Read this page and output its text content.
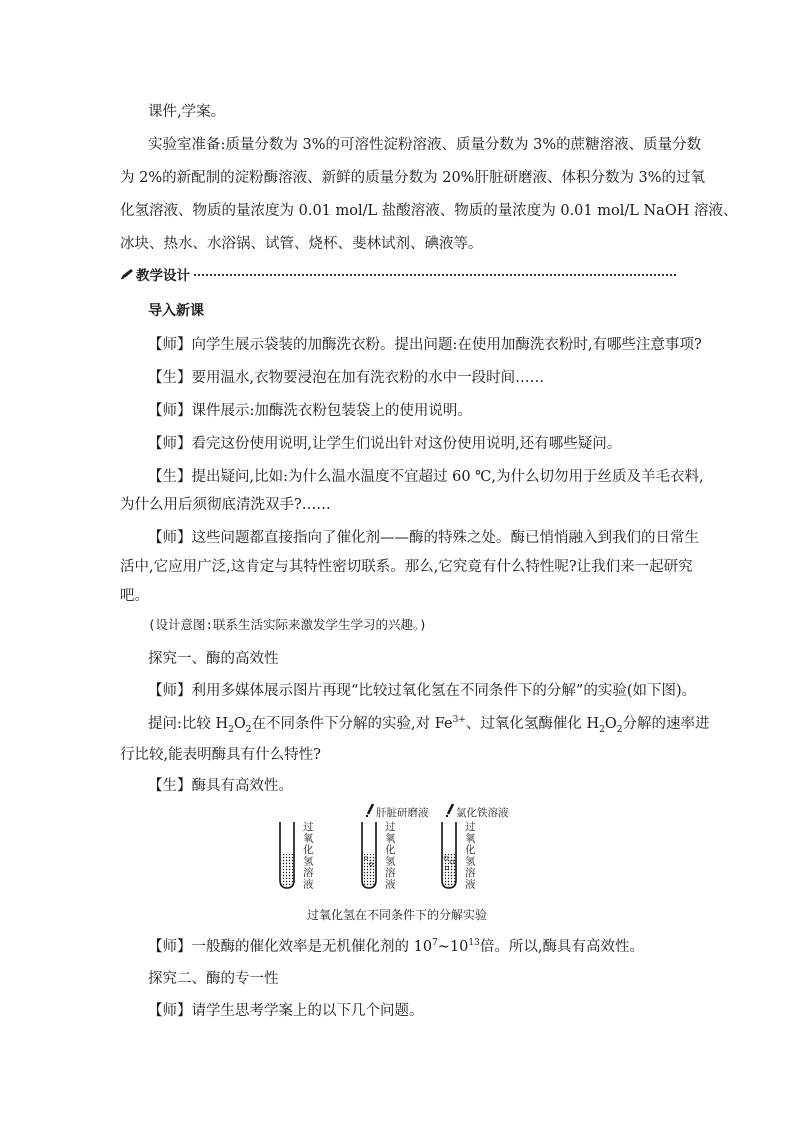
课件,学案。
实验室准备:质量分数为 3%的可溶性淀粉溶液、质量分数为 3%的蔗糖溶液、质量分数
为 2%的新配制的淀粉酶溶液、新鲜的质量分数为 20%肝脏研磨液、体积分数为 3%的过氧
化氢溶液、物质的量浓度为 0.01 mol/L 盐酸溶液、物质的量浓度为 0.01 mol/L NaOH 溶液、
冰块、热水、水浴锅、试管、烧杯、斐林试剂、碘液等。
教学设计
导入新课
【师】向学生展示袋装的加酶洗衣粉。提出问题:在使用加酶洗衣粉时,有哪些注意事项?
【生】要用温水,衣物要浸泡在加有洗衣粉的水中一段时间……
【师】课件展示:加酶洗衣粉包装袋上的使用说明。
【师】看完这份使用说明,让学生们说出针对这份使用说明,还有哪些疑问。
【生】提出疑问,比如:为什么温水温度不宜超过 60 ℃,为什么切勿用于丝质及羊毛衣料,
为什么用后须彻底清洗双手?……
【师】这些问题都直接指向了催化剂——酶的特殊之处。酶已悄悄融入到我们的日常生
活中,它应用广泛,这肯定与其特性密切联系。那么,它究竟有什么特性呢?让我们来一起研究
吧。
(设计意图:联系生活实际来激发学生学习的兴趣。)
探究一、酶的高效性
【师】利用多媒体展示图片再现“比较过氧化氢在不同条件下的分解”的实验(如下图)。
提问:比较 $H_2O_2$在不同条件下分解的实验,对 $Fe^{3+}$、过氧化氢酶催化 $H_2O_2$分解的速率进
行比较,能表明酶具有什么特性?
【生】酶具有高效性。
肝脏研磨液	氯化铁溶液
过
氧
化
氢
溶
液
过
氧
化
氢
溶
液
过
氧
化
氢
溶
液
过氧化氢在不同条件下的分解实验
【师】一般酶的催化效率是无机催化剂的 $10^7\sim 10^{13}$倍。所以,酶具有高效性。
探究二、酶的专一性
【师】请学生思考学案上的以下几个问题。
